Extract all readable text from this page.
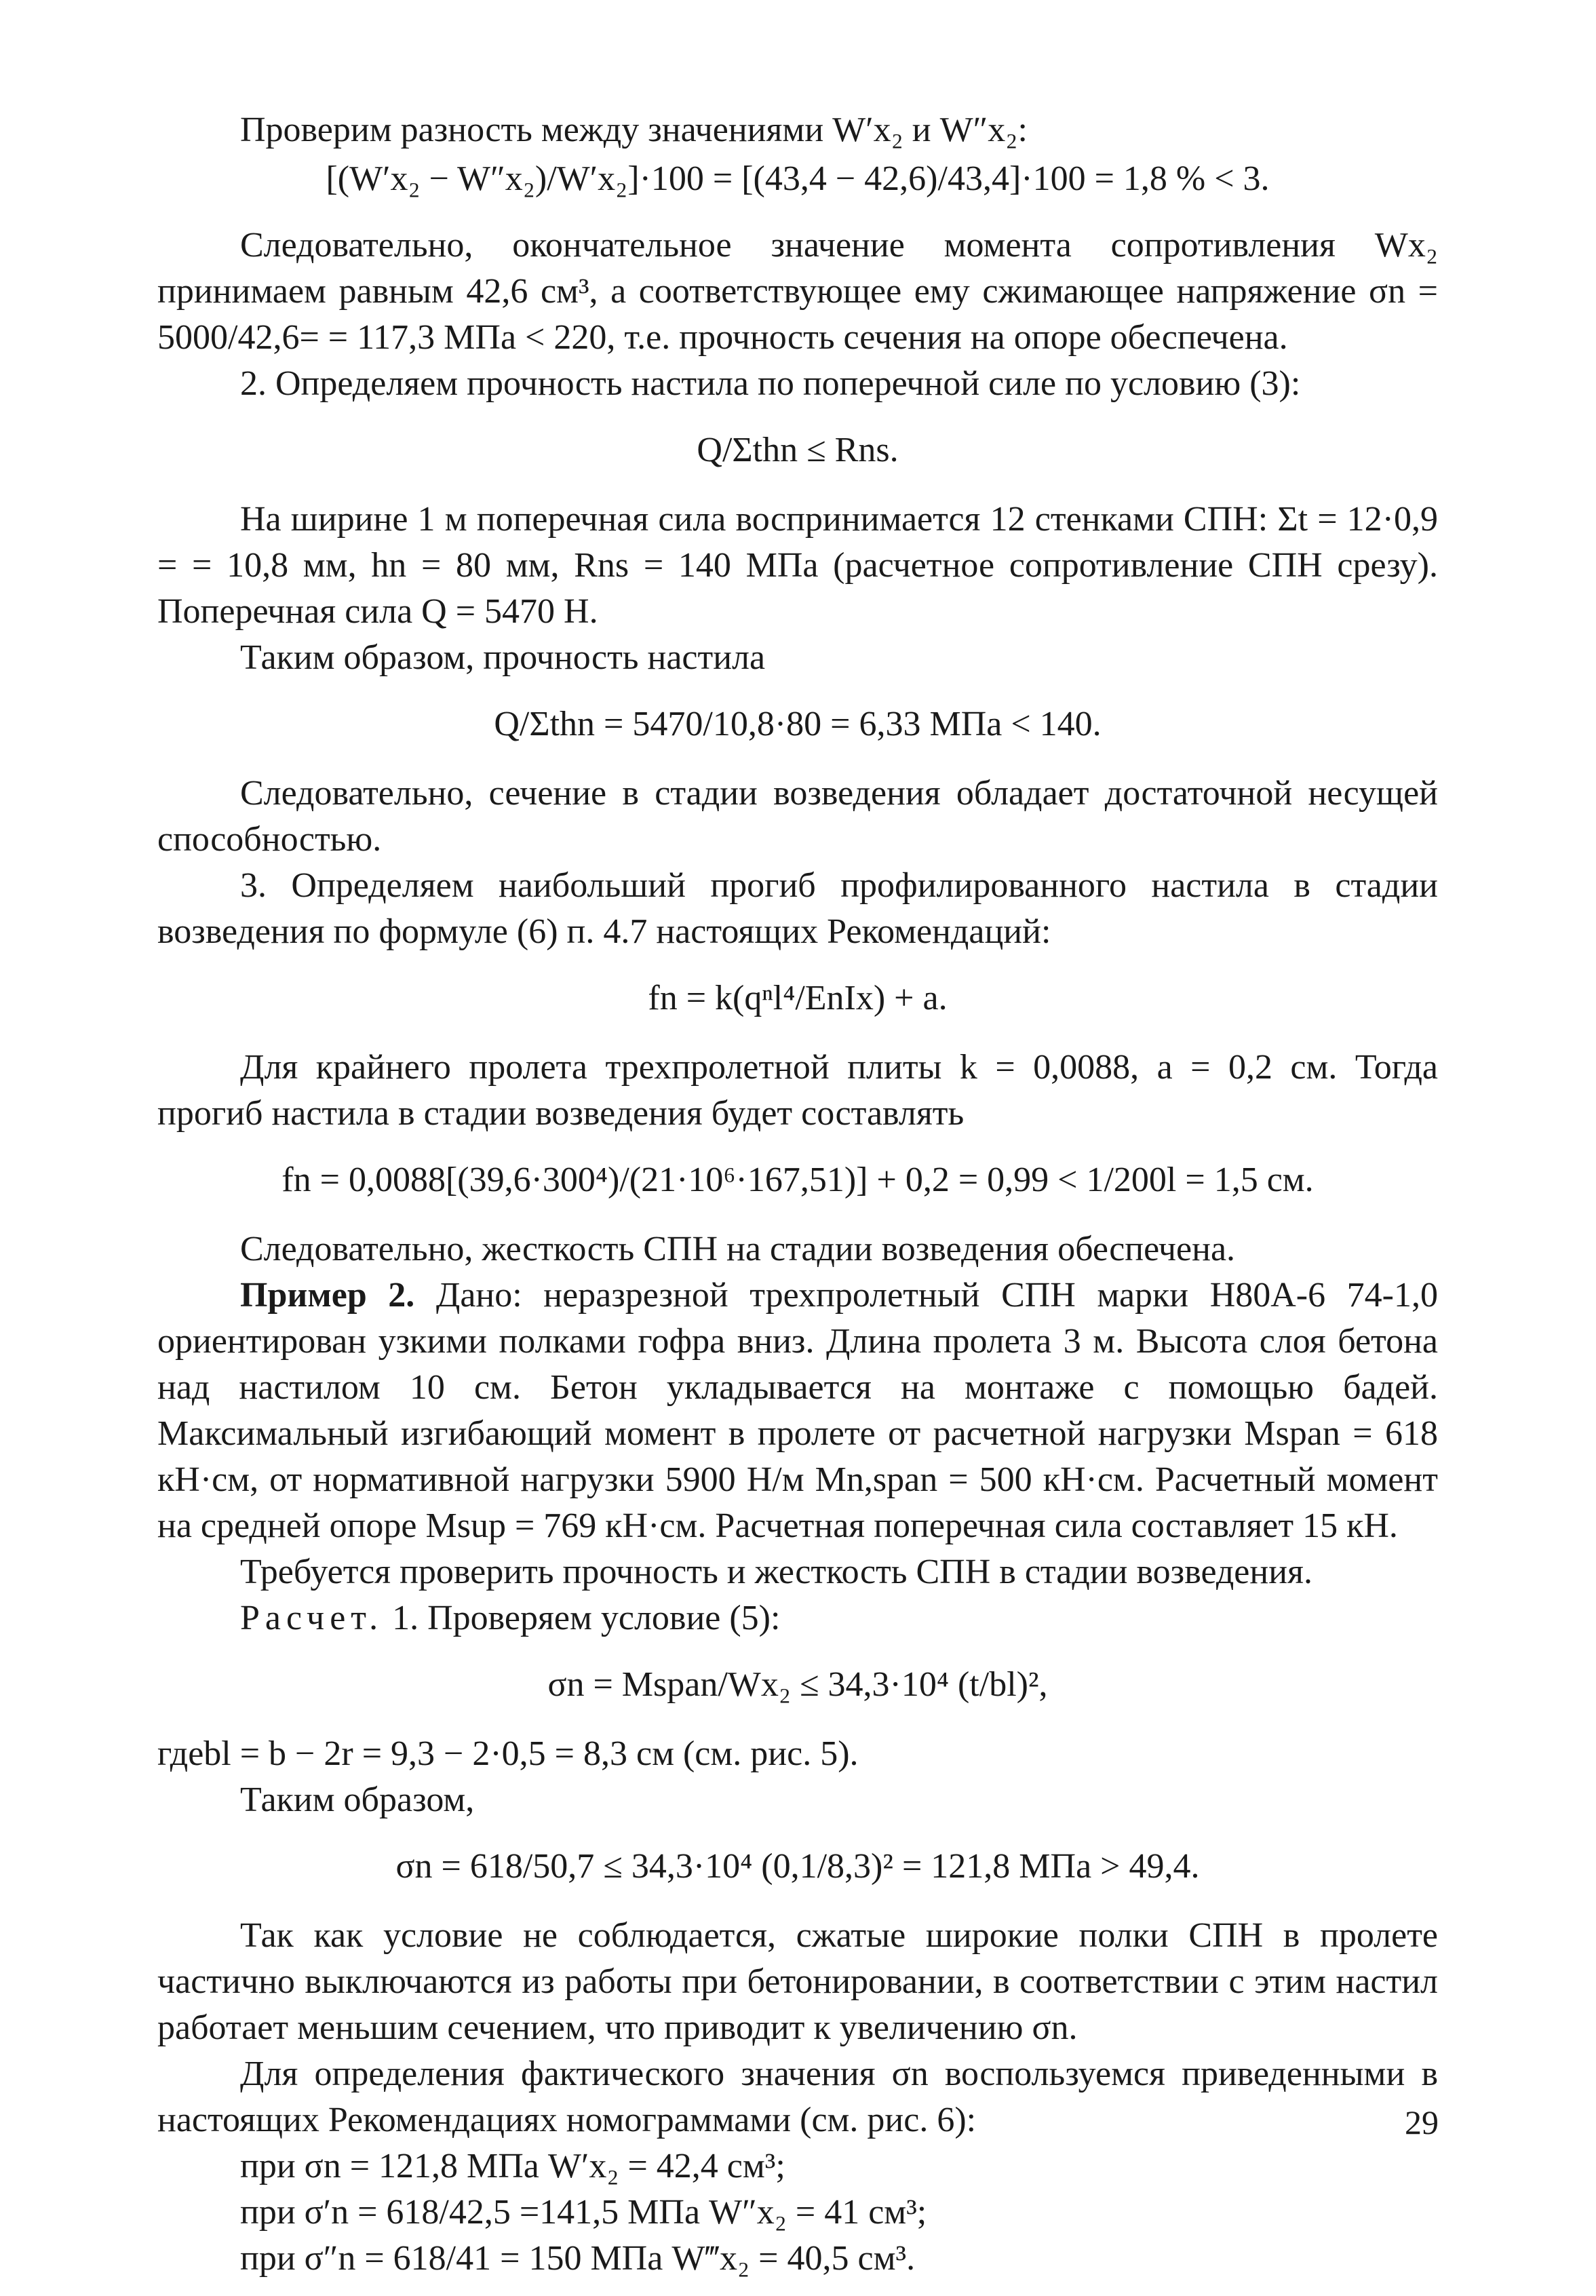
Проверим разность между значениями W′x₂ и W″x₂:

[(W′x₂ − W″x₂)/W′x₂]·100 = [(43,4 − 42,6)/43,4]·100 = 1,8 % < 3.

Следовательно, окончательное значение момента сопротивления Wx₂ принимаем равным 42,6 см³, а соответствующее ему сжимающее напряжение σn = 5000/42,6= = 117,3 МПа < 220, т.е. прочность сечения на опоре обеспечена.

2. Определяем прочность настила по поперечной силе по условию (3):

Q/Σthn ≤ Rns.

На ширине 1 м поперечная сила воспринимается 12 стенками СПН: Σt = 12·0,9 = = 10,8 мм, hn = 80 мм, Rns = 140 МПа (расчетное сопротивление СПН срезу). Поперечная сила Q = 5470 Н.

Таким образом, прочность настила

Q/Σthn = 5470/10,8·80 = 6,33 МПа < 140.

Следовательно, сечение в стадии возведения обладает достаточной несущей способностью.

3. Определяем наибольший прогиб профилированного настила в стадии возведения по формуле (6) п. 4.7 настоящих Рекомендаций:

fn = k(qⁿl⁴/EnIx) + a.

Для крайнего пролета трехпролетной плиты k = 0,0088, a = 0,2 см. Тогда прогиб настила в стадии возведения будет составлять

fn = 0,0088[(39,6·300⁴)/(21·10⁶·167,51)] + 0,2 = 0,99 < 1/200l = 1,5 см.

Следовательно, жесткость СПН на стадии возведения обеспечена.

Пример 2. Дано: неразрезной трехпролетный СПН марки Н80А-6 74-1,0 ориентирован узкими полками гофра вниз. Длина пролета 3 м. Высота слоя бетона над настилом 10 см. Бетон укладывается на монтаже с помощью бадей. Максимальный изгибающий момент в пролете от расчетной нагрузки Mspan = 618 кН·см, от нормативной нагрузки 5900 Н/м Mn,span = 500 кН·см. Расчетный момент на средней опоре Msup = 769 кН·см. Расчетная поперечная сила составляет 15 кН.

Требуется проверить прочность и жесткость СПН в стадии возведения.

Расчет. 1. Проверяем условие (5):

σn = Mspan/Wx₂ ≤ 34,3·10⁴ (t/bl)²,

гдеbl = b − 2r = 9,3 − 2·0,5 = 8,3 см (см. рис. 5).

Таким образом,

σn = 618/50,7 ≤ 34,3·10⁴ (0,1/8,3)² = 121,8 МПа > 49,4.

Так как условие не соблюдается, сжатые широкие полки СПН в пролете частично выключаются из работы при бетонировании, в соответствии с этим настил работает меньшим сечением, что приводит к увеличению σn.

Для определения фактического значения σn воспользуемся приведенными в настоящих Рекомендациях номограммами (см. рис. 6):

при σn = 121,8 МПа W′x₂ = 42,4 см³;

при σ′n = 618/42,5 =141,5 МПа W″x₂ = 41 см³;

при σ″n = 618/41 = 150 МПа W‴x₂ = 40,5 см³.

29
